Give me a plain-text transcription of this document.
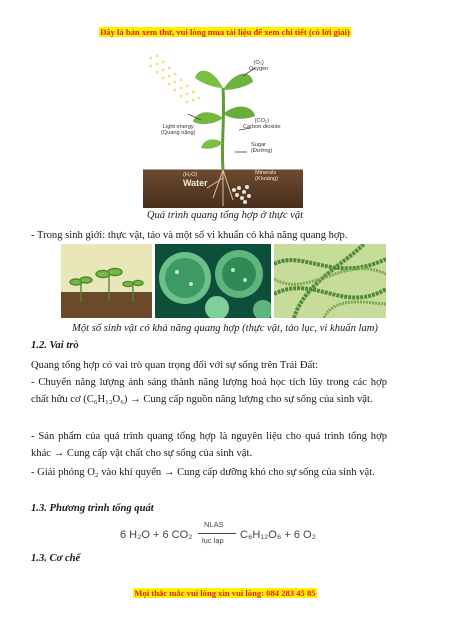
Đây là bản xem thử, vui lòng mua tài liệu để xem chi tiết (có lời giải)
(O₂)
Oxygen
Light energy
(Quang năng)
(CO₂)
Carbon dioxide
Sugar
(Đường)
(H₂O)
Water
Minerals
(Khoáng)
Quá trình quang tổng hợp ở thực vật
- Trong sinh giới: thực vật, tảo và một số vi khuẩn có khả năng quang hợp.
Một số sinh vật có khả năng quang hợp (thực vật, tảo lục, vi khuẩn lam)
1.2. Vai trò
Quang tổng hợp có vai trò quan trọng đối với sự sống trên Trái Đất:
- Chuyển năng lượng ánh sáng thành năng lượng hoá học tích lũy trong các hợp chất hữu cơ (C₆H₁₂O₆) → Cung cấp nguồn năng lượng cho sự sống của sinh vật.
- Sản phẩm của quá trình quang tổng hợp là nguyên liệu cho quá trình tổng hợp khác → Cung cấp vật chất cho sự sống của sinh vật.
- Giải phóng O₂ vào khí quyển → Cung cấp dưỡng khó cho sự sống của sinh vật.
1.3. Phương trình tổng quát
6 H₂O + 6 CO₂
NLAS
lục lạp C₆H₁₂O₆ + 6 O₂
1.3. Cơ chế
Mọi thắc mắc vui lòng xin vui lòng: 084 283 45 85
